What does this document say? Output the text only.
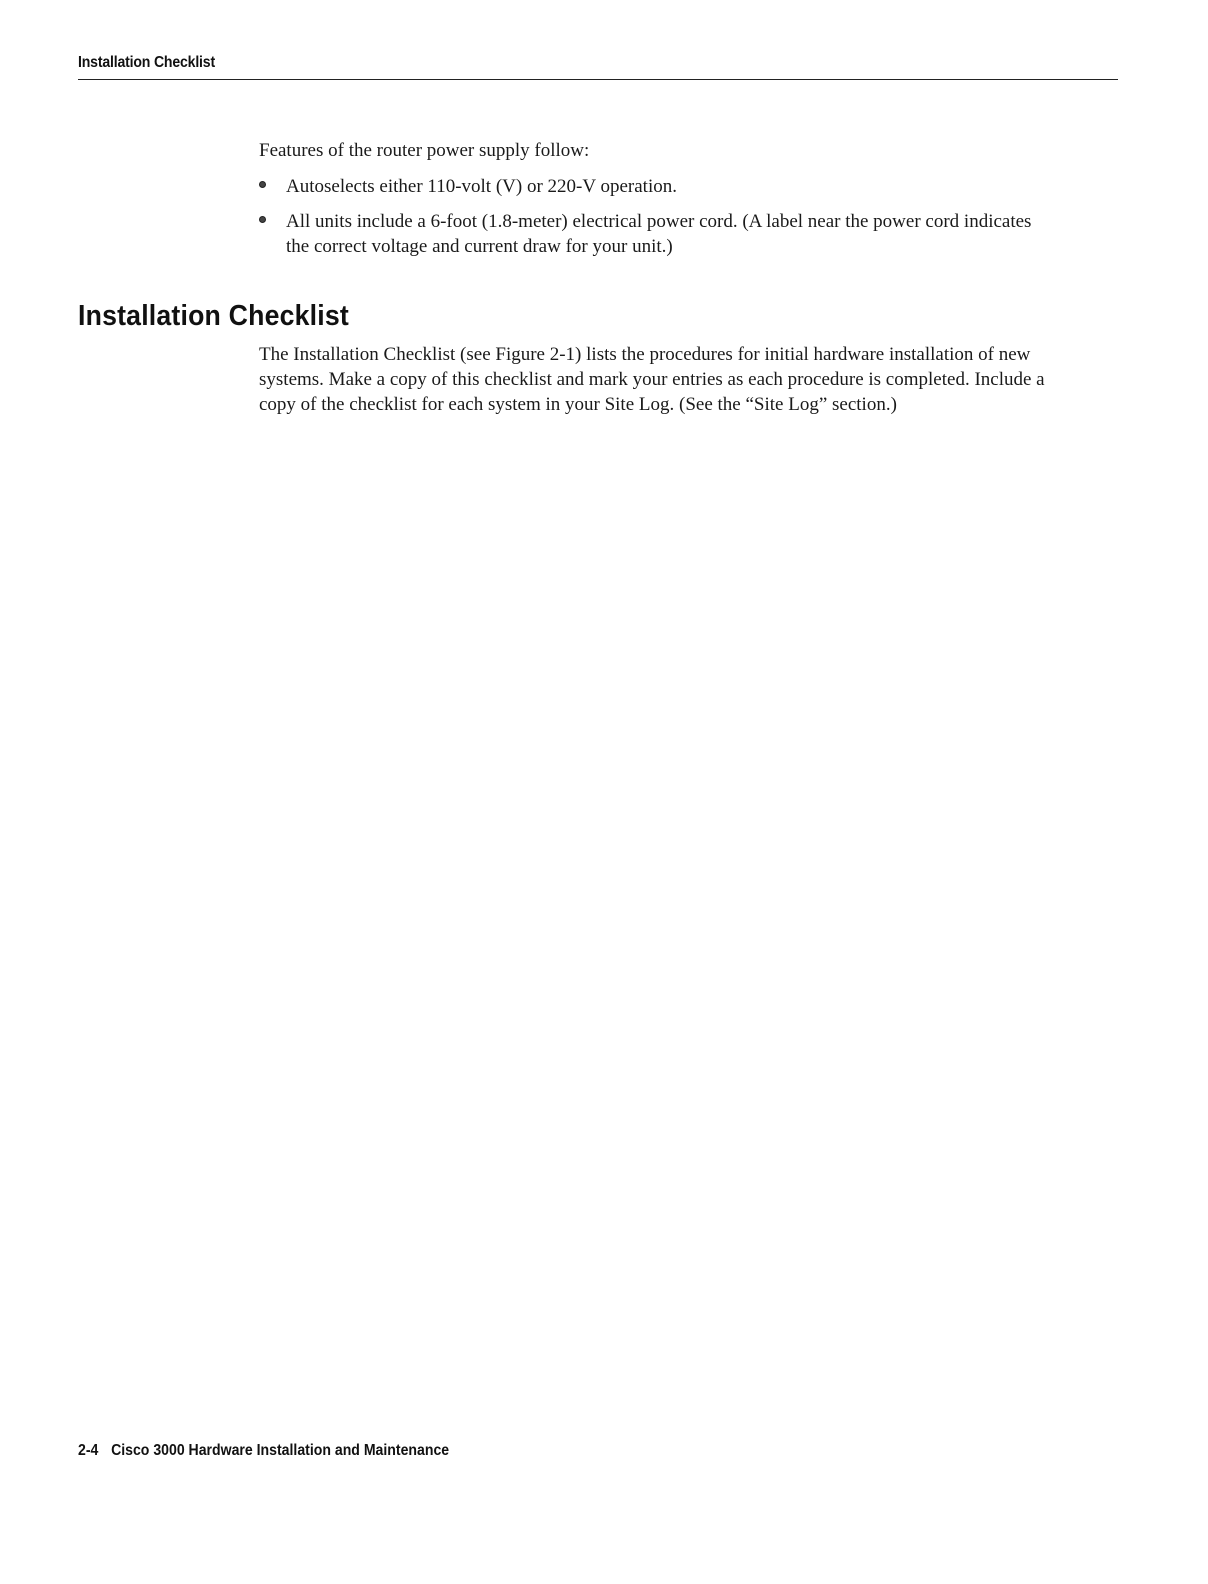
Installation Checklist

Features of the router power supply follow:

Autoselects either 110-volt (V) or 220-V operation.
All units include a 6-foot (1.8-meter) electrical power cord. (A label near the power cord indicates the correct voltage and current draw for your unit.)
Installation Checklist

The Installation Checklist (see Figure 2-1) lists the procedures for initial hardware installation of new systems. Make a copy of this checklist and mark your entries as each procedure is completed. Include a copy of the checklist for each system in your Site Log. (See the “Site Log” section.)

2-4 Cisco 3000 Hardware Installation and Maintenance
